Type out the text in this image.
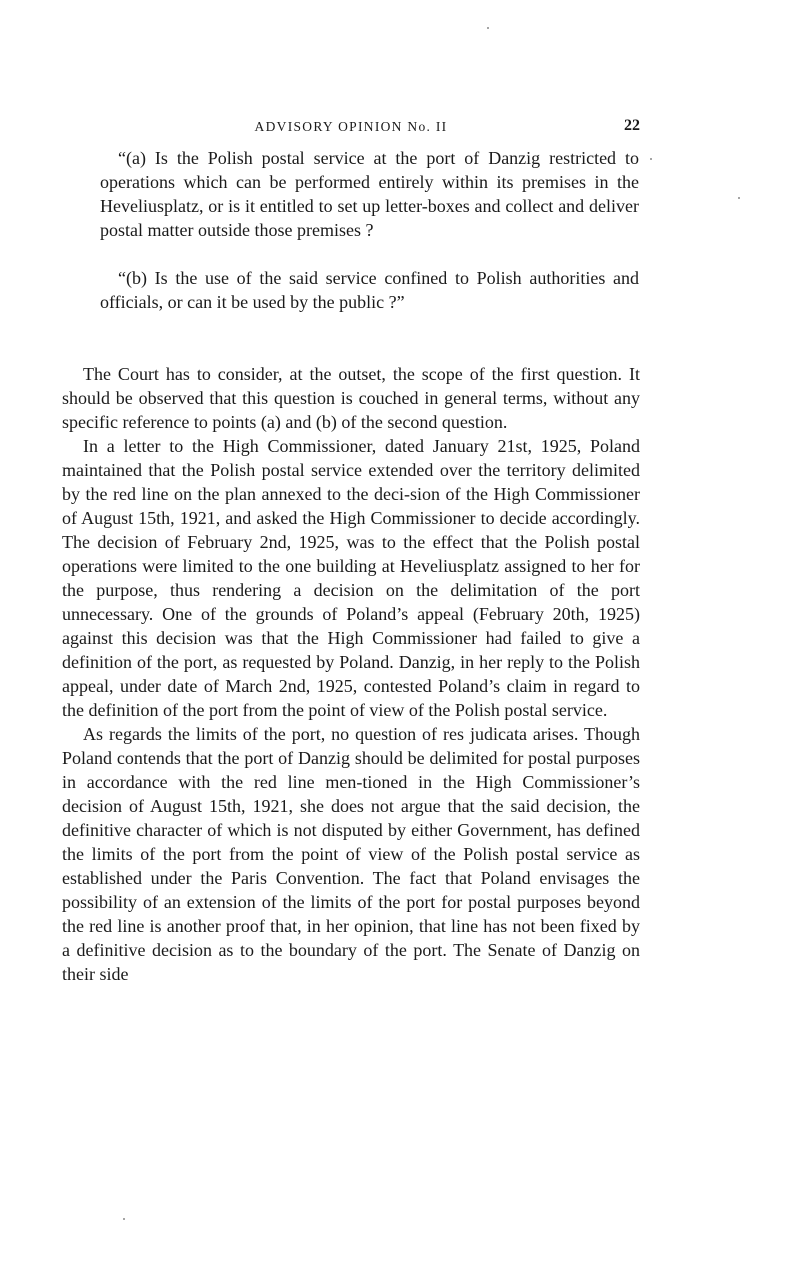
ADVISORY OPINION No. II	22

“(a) Is the Polish postal service at the port of Danzig restricted to operations which can be performed entirely within its premises in the Heveliusplatz, or is it entitled to set up letter-boxes and collect and deliver postal matter outside those premises ?

“(b) Is the use of the said service confined to Polish authorities and officials, or can it be used by the public ?”

The Court has to consider, at the outset, the scope of the first question. It should be observed that this question is couched in general terms, without any specific reference to points (a) and (b) of the second question.

In a letter to the High Commissioner, dated January 21st, 1925, Poland maintained that the Polish postal service extended over the territory delimited by the red line on the plan annexed to the deci-sion of the High Commissioner of August 15th, 1921, and asked the High Commissioner to decide accordingly. The decision of February 2nd, 1925, was to the effect that the Polish postal operations were limited to the one building at Heveliusplatz assigned to her for the purpose, thus rendering a decision on the delimitation of the port unnecessary. One of the grounds of Poland’s appeal (February 20th, 1925) against this decision was that the High Commissioner had failed to give a definition of the port, as requested by Poland. Danzig, in her reply to the Polish appeal, under date of March 2nd, 1925, contested Poland’s claim in regard to the definition of the port from the point of view of the Polish postal service.

As regards the limits of the port, no question of res judicata arises. Though Poland contends that the port of Danzig should be delimited for postal purposes in accordance with the red line men-tioned in the High Commissioner’s decision of August 15th, 1921, she does not argue that the said decision, the definitive character of which is not disputed by either Government, has defined the limits of the port from the point of view of the Polish postal service as established under the Paris Convention. The fact that Poland envisages the possibility of an extension of the limits of the port for postal purposes beyond the red line is another proof that, in her opinion, that line has not been fixed by a definitive decision as to the boundary of the port. The Senate of Danzig on their side
